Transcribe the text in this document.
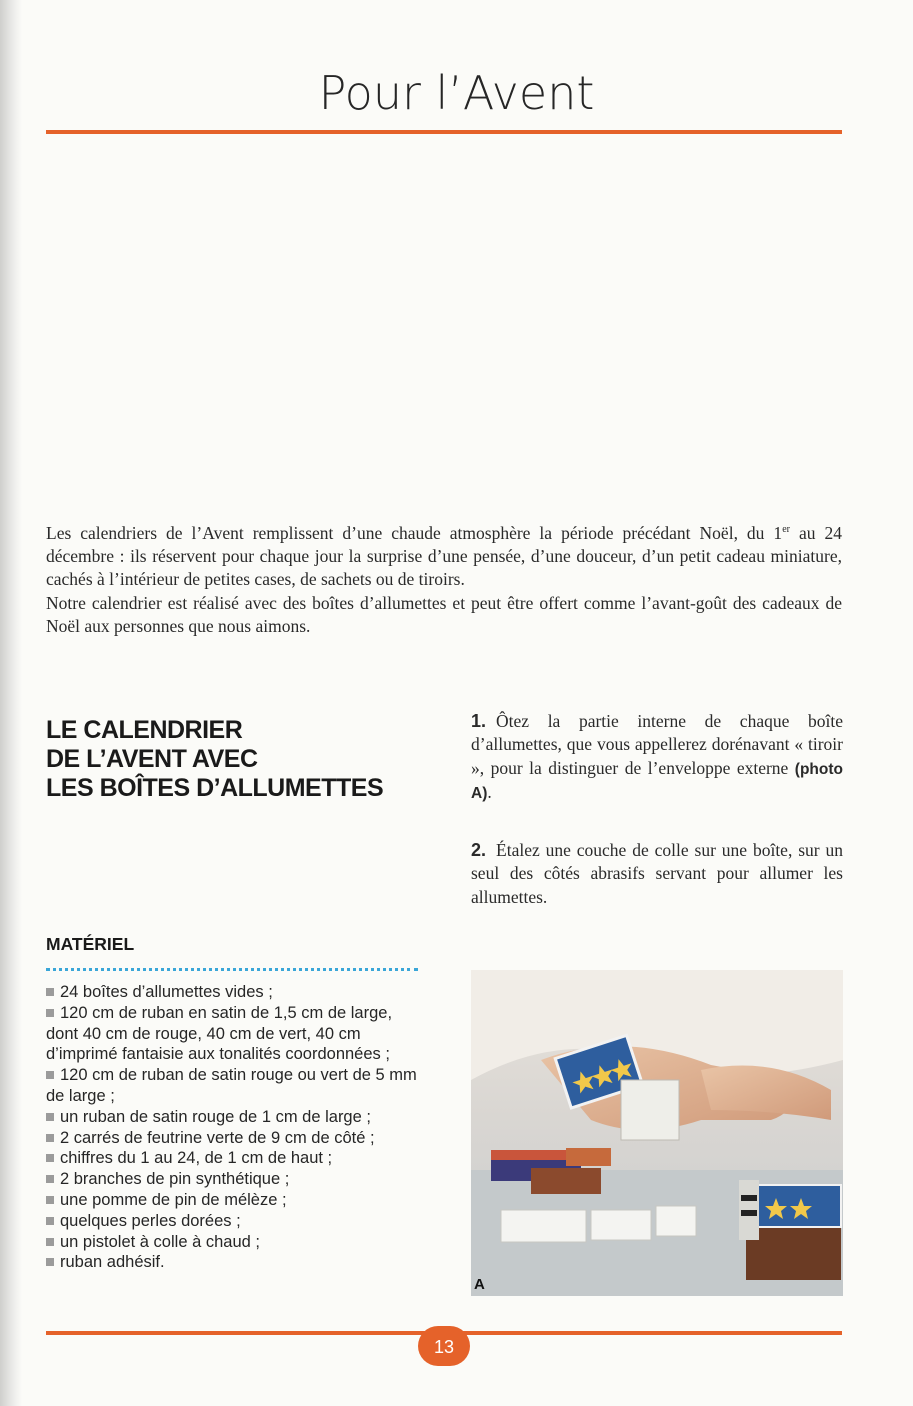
Pour l’Avent

Les calendriers de l’Avent remplissent d’une chaude atmosphère la période précédant Noël, du 1er au 24 décembre : ils réservent pour chaque jour la surprise d’une pensée, d’une douceur, d’un petit cadeau miniature, cachés à l’intérieur de petites cases, de sachets ou de tiroirs.

Notre calendrier est réalisé avec des boîtes d’allumettes et peut être offert comme l’avant-goût des cadeaux de Noël aux personnes que nous aimons.

LE CALENDRIER
DE L’AVENT AVEC
LES BOÎTES D’ALLUMETTES
MATÉRIEL
24 boîtes d’allumettes vides ;
120 cm de ruban en satin de 1,5 cm de large, dont 40 cm de rouge, 40 cm de vert, 40 cm d’imprimé fantaisie aux tonalités coordonnées ;
120 cm de ruban de satin rouge ou vert de 5 mm de large ;
un ruban de satin rouge de 1 cm de large ;
2 carrés de feutrine verte de 9 cm de côté ;
chiffres du 1 au 24, de 1 cm de haut ;
2 branches de pin synthétique ;
une pomme de pin de mélèze ;
quelques perles dorées ;
un pistolet à colle à chaud ;
ruban adhésif.

1. Ôtez la partie interne de chaque boîte d’allumettes, que vous appellerez dorénavant « tiroir », pour la distinguer de l’enveloppe externe (photo A).

2. Étalez une couche de colle sur une boîte, sur un seul des côtés abrasifs servant pour allumer les allumettes.

A
13
